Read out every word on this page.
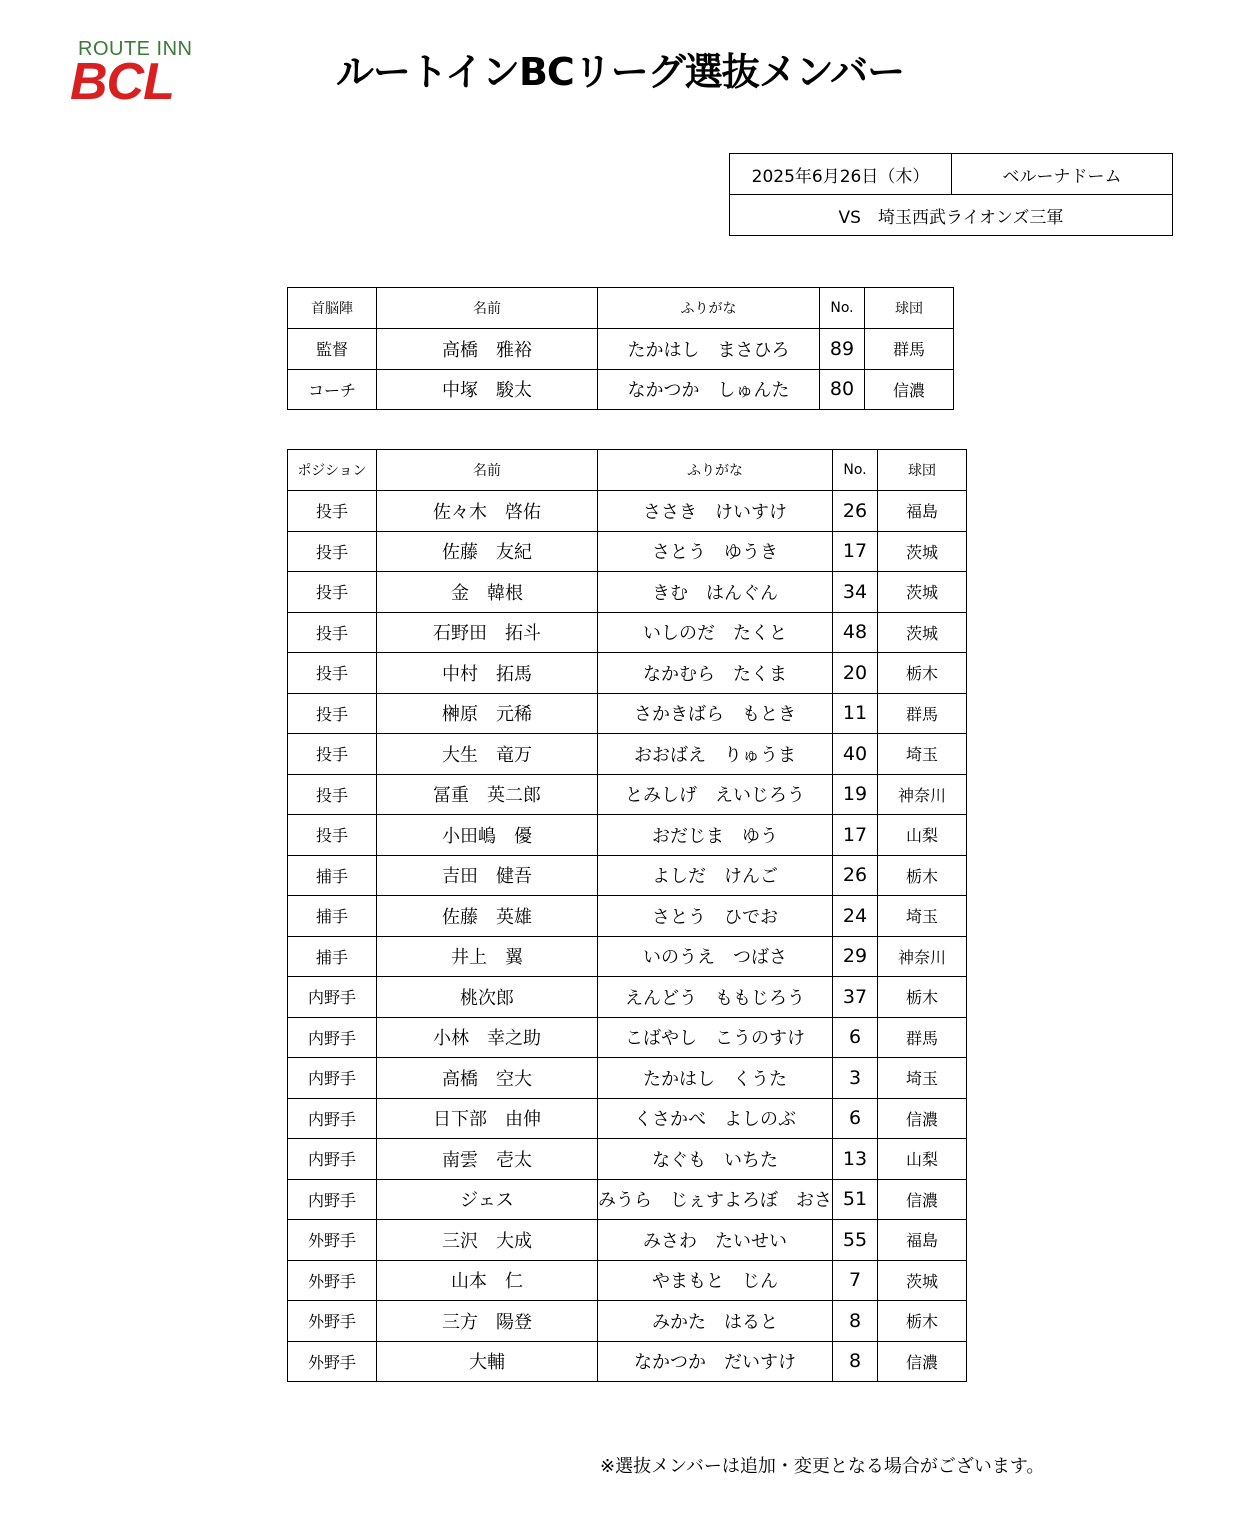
ROUTE INN
BCL	ルートインBCリーグ選抜メンバー
2025年6月26日（木）	ベルーナドーム
VS　埼玉西武ライオンズ三軍
首脳陣	名前	ふりがな	No.	球団
監督	高橋　雅裕	たかはし　まさひろ	89	群馬
コーチ	中塚　駿太	なかつか　しゅんた	80	信濃
ポジション	名前	ふりがな	No.	球団
投手	佐々木　啓佑	ささき　けいすけ	26	福島
投手	佐藤　友紀	さとう　ゆうき	17	茨城
投手	金　韓根	きむ　はんぐん	34	茨城
投手	石野田　拓斗	いしのだ　たくと	48	茨城
投手	中村　拓馬	なかむら　たくま	20	栃木
投手	榊原　元稀	さかきばら　もとき	11	群馬
投手	大生　竜万	おおばえ　りゅうま	40	埼玉
投手	冨重　英二郎	とみしげ　えいじろう	19	神奈川
投手	小田嶋　優	おだじま　ゆう	17	山梨
捕手	吉田　健吾	よしだ　けんご	26	栃木
捕手	佐藤　英雄	さとう　ひでお	24	埼玉
捕手	井上　翼	いのうえ　つばさ	29	神奈川
内野手	桃次郎	えんどう　ももじろう	37	栃木
内野手	小林　幸之助	こばやし　こうのすけ	6	群馬
内野手	高橋　空大	たかはし　くうた	3	埼玉
内野手	日下部　由伸	くさかべ　よしのぶ	6	信濃
内野手	南雲　壱太	なぐも　いちた	13	山梨
内野手	ジェス	みうら　じぇすよろぼ　おさ	51	信濃
外野手	三沢　大成	みさわ　たいせい	55	福島
外野手	山本　仁	やまもと　じん	7	茨城
外野手	三方　陽登	みかた　はると	8	栃木
外野手	大輔	なかつか　だいすけ	8	信濃
※選抜メンバーは追加・変更となる場合がございます。
